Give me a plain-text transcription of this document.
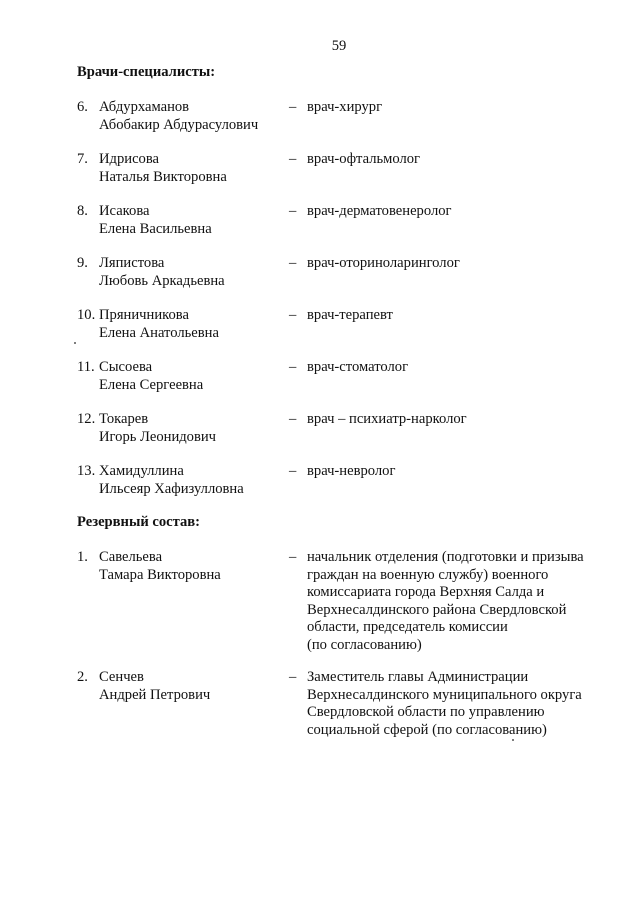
59
Врачи-специалисты:
6. Абдурхаманов
Абобакир Абдурасулович
– врач-хирург
7. Идрисова
Наталья Викторовна
– врач-офтальмолог
8. Исакова
Елена Васильевна
– врач-дерматовенеролог
9. Ляпистова
Любовь Аркадьевна
– врач-оториноларинголог
10. Пряничникова
Елена Анатольевна
– врач-терапевт
11. Сысоева
Елена Сергеевна
– врач-стоматолог
12. Токарев
Игорь Леонидович
– врач – психиатр-нарколог
13. Хамидуллина
Ильсеяр Хафизулловна
– врач-невролог
Резервный состав:
1. Савельева
Тамара Викторовна
– начальник отделения (подготовки и призыва
граждан на военную службу) военного
комиссариата города Верхняя Салда и
Верхнесалдинского района Свердловской
области, председатель комиссии
(по согласованию)
2. Сенчев
Андрей Петрович
– Заместитель главы Администрации
Верхнесалдинского муниципального округа
Свердловской области по управлению
социальной сферой (по согласованию)
